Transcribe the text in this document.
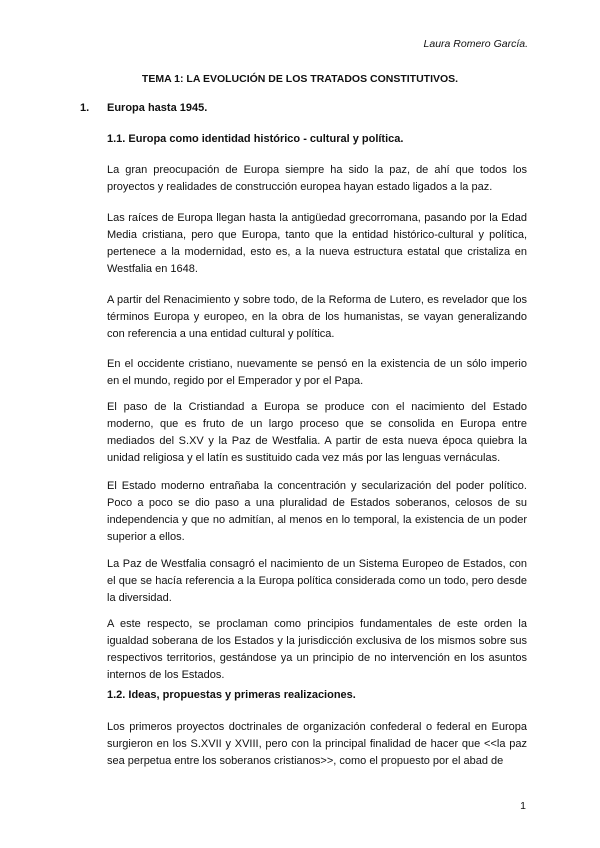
Laura Romero García.
TEMA 1: LA EVOLUCIÓN DE LOS TRATADOS CONSTITUTIVOS.
1. Europa hasta 1945.
1.1. Europa como identidad histórico - cultural y política.

La gran preocupación de Europa siempre ha sido la paz, de ahí que todos los proyectos y realidades de construcción europea hayan estado ligados a la paz.

Las raíces de Europa llegan hasta la antigüedad grecorromana, pasando por la Edad Media cristiana, pero que Europa, tanto que la entidad histórico-cultural y política, pertenece a la modernidad, esto es, a la nueva estructura estatal que cristaliza en Westfalia en 1648.

A partir del Renacimiento y sobre todo, de la Reforma de Lutero, es revelador que los términos Europa y europeo, en la obra de los humanistas, se vayan generalizando con referencia a una entidad cultural y política.

En el occidente cristiano, nuevamente se pensó en la existencia de un sólo imperio en el mundo, regido por el Emperador y por el Papa.

El paso de la Cristiandad a Europa se produce con el nacimiento del Estado moderno, que es fruto de un largo proceso que se consolida en Europa entre mediados del S.XV y la Paz de Westfalia. A partir de esta nueva época quiebra la unidad religiosa y el latín es sustituido cada vez más por las lenguas vernáculas.

El Estado moderno entrañaba la concentración y secularización del poder político. Poco a poco se dio paso a una pluralidad de Estados soberanos, celosos de su independencia y que no admitían, al menos en lo temporal, la existencia de un poder superior a ellos.

La Paz de Westfalia consagró el nacimiento de un Sistema Europeo de Estados, con el que se hacía referencia a la Europa política considerada como un todo, pero desde la diversidad.

A este respecto, se proclaman como principios fundamentales de este orden la igualdad soberana de los Estados y la jurisdicción exclusiva de los mismos sobre sus respectivos territorios, gestándose ya un principio de no intervención en los asuntos internos de los Estados.

1.2. Ideas, propuestas y primeras realizaciones.

Los primeros proyectos doctrinales de organización confederal o federal en Europa surgieron en los S.XVII y XVIII, pero con la principal finalidad de hacer que <<la paz sea perpetua entre los soberanos cristianos>>, como el propuesto por el abad de

1
